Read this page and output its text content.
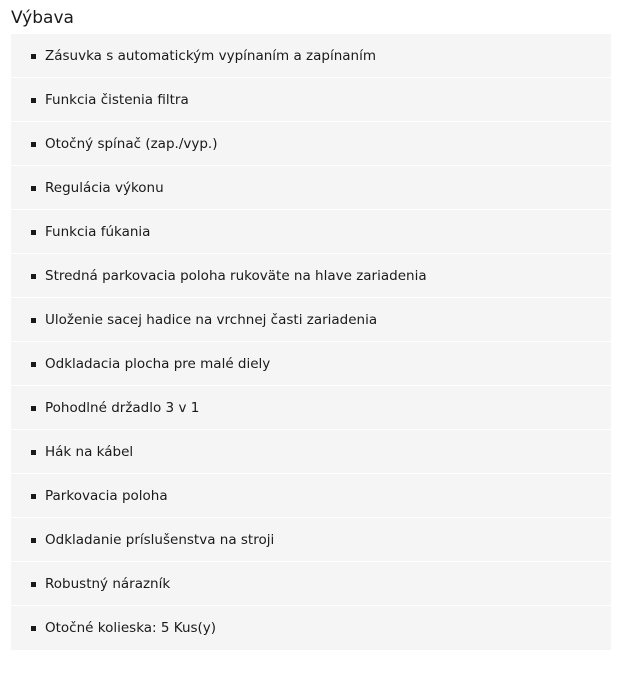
Výbava
Zásuvka s automatickým vypínaním a zapínaním
Funkcia čistenia filtra
Otočný spínač (zap./vyp.)
Regulácia výkonu
Funkcia fúkania
Stredná parkovacia poloha rukoväte na hlave zariadenia
Uloženie sacej hadice na vrchnej časti zariadenia
Odkladacia plocha pre malé diely
Pohodlné držadlo 3 v 1
Hák na kábel
Parkovacia poloha
Odkladanie príslušenstva na stroji
Robustný nárazník
Otočné kolieska: 5 Kus(y)
